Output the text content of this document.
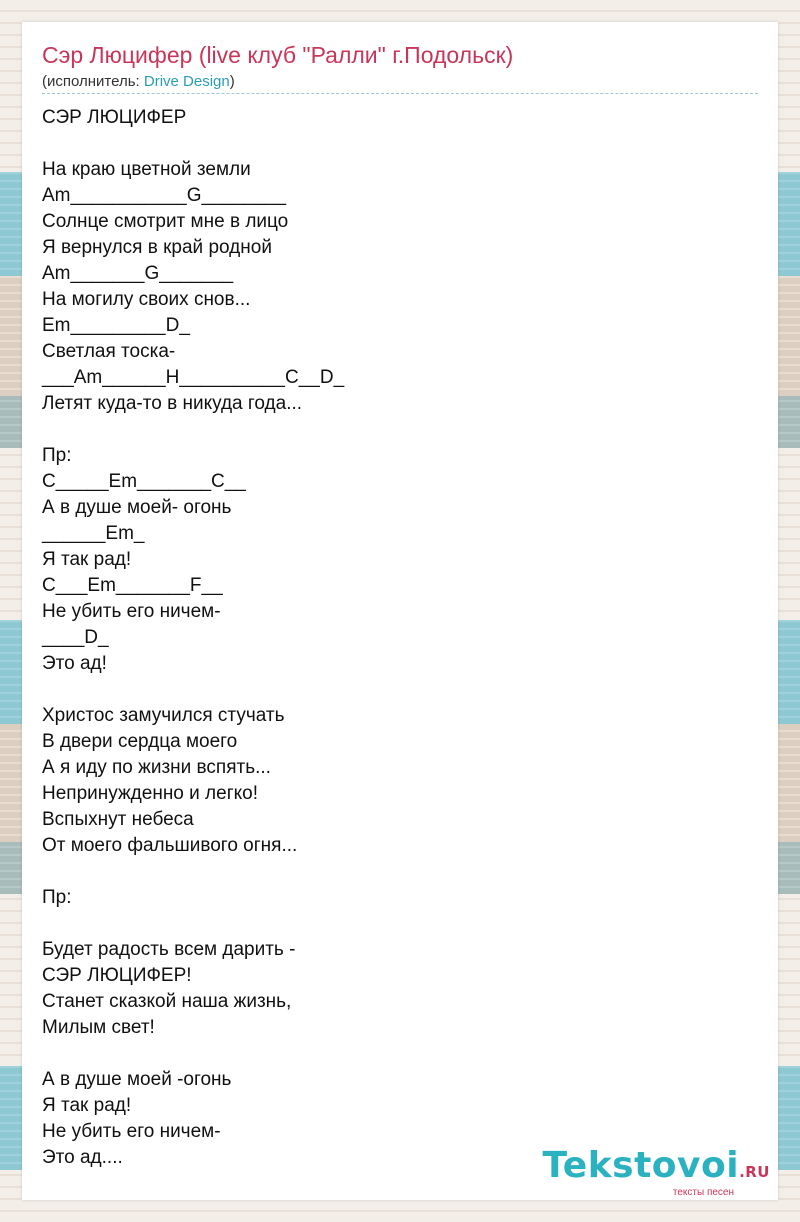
Сэр Люцифер (live клуб "Ралли" г.Подольск)
(исполнитель: Drive Design)
СЭР ЛЮЦИФЕР
На краю цветной земли
Am___________G________
Солнце смотрит мне в лицо
Я вернулся в край родной
Am_______G_______
На могилу своих снов...
Em_________D_
Светлая тоска-
___Am______H__________C__D_
Летят куда-то в никуда года...
Пр:
C_____Em_______C__
А в душе моей- огонь
______Em_
Я так рад!
C___Em_______F__
Не убить его ничем-
____D_
Это ад!
Христос замучился стучать
В двери сердца моего
А я иду по жизни вспять...
Непринужденно и легко!
Вспыхнут небеса
От моего фальшивого огня...
Пр:
Будет радость всем дарить -
СЭР ЛЮЦИФЕР!
Станет сказкой наша жизнь,
Милым свет!
А в душе моей -огонь
Я так рад!
Не убить его ничем-
Это ад....	Tekstovoi.RU
тексты песен
